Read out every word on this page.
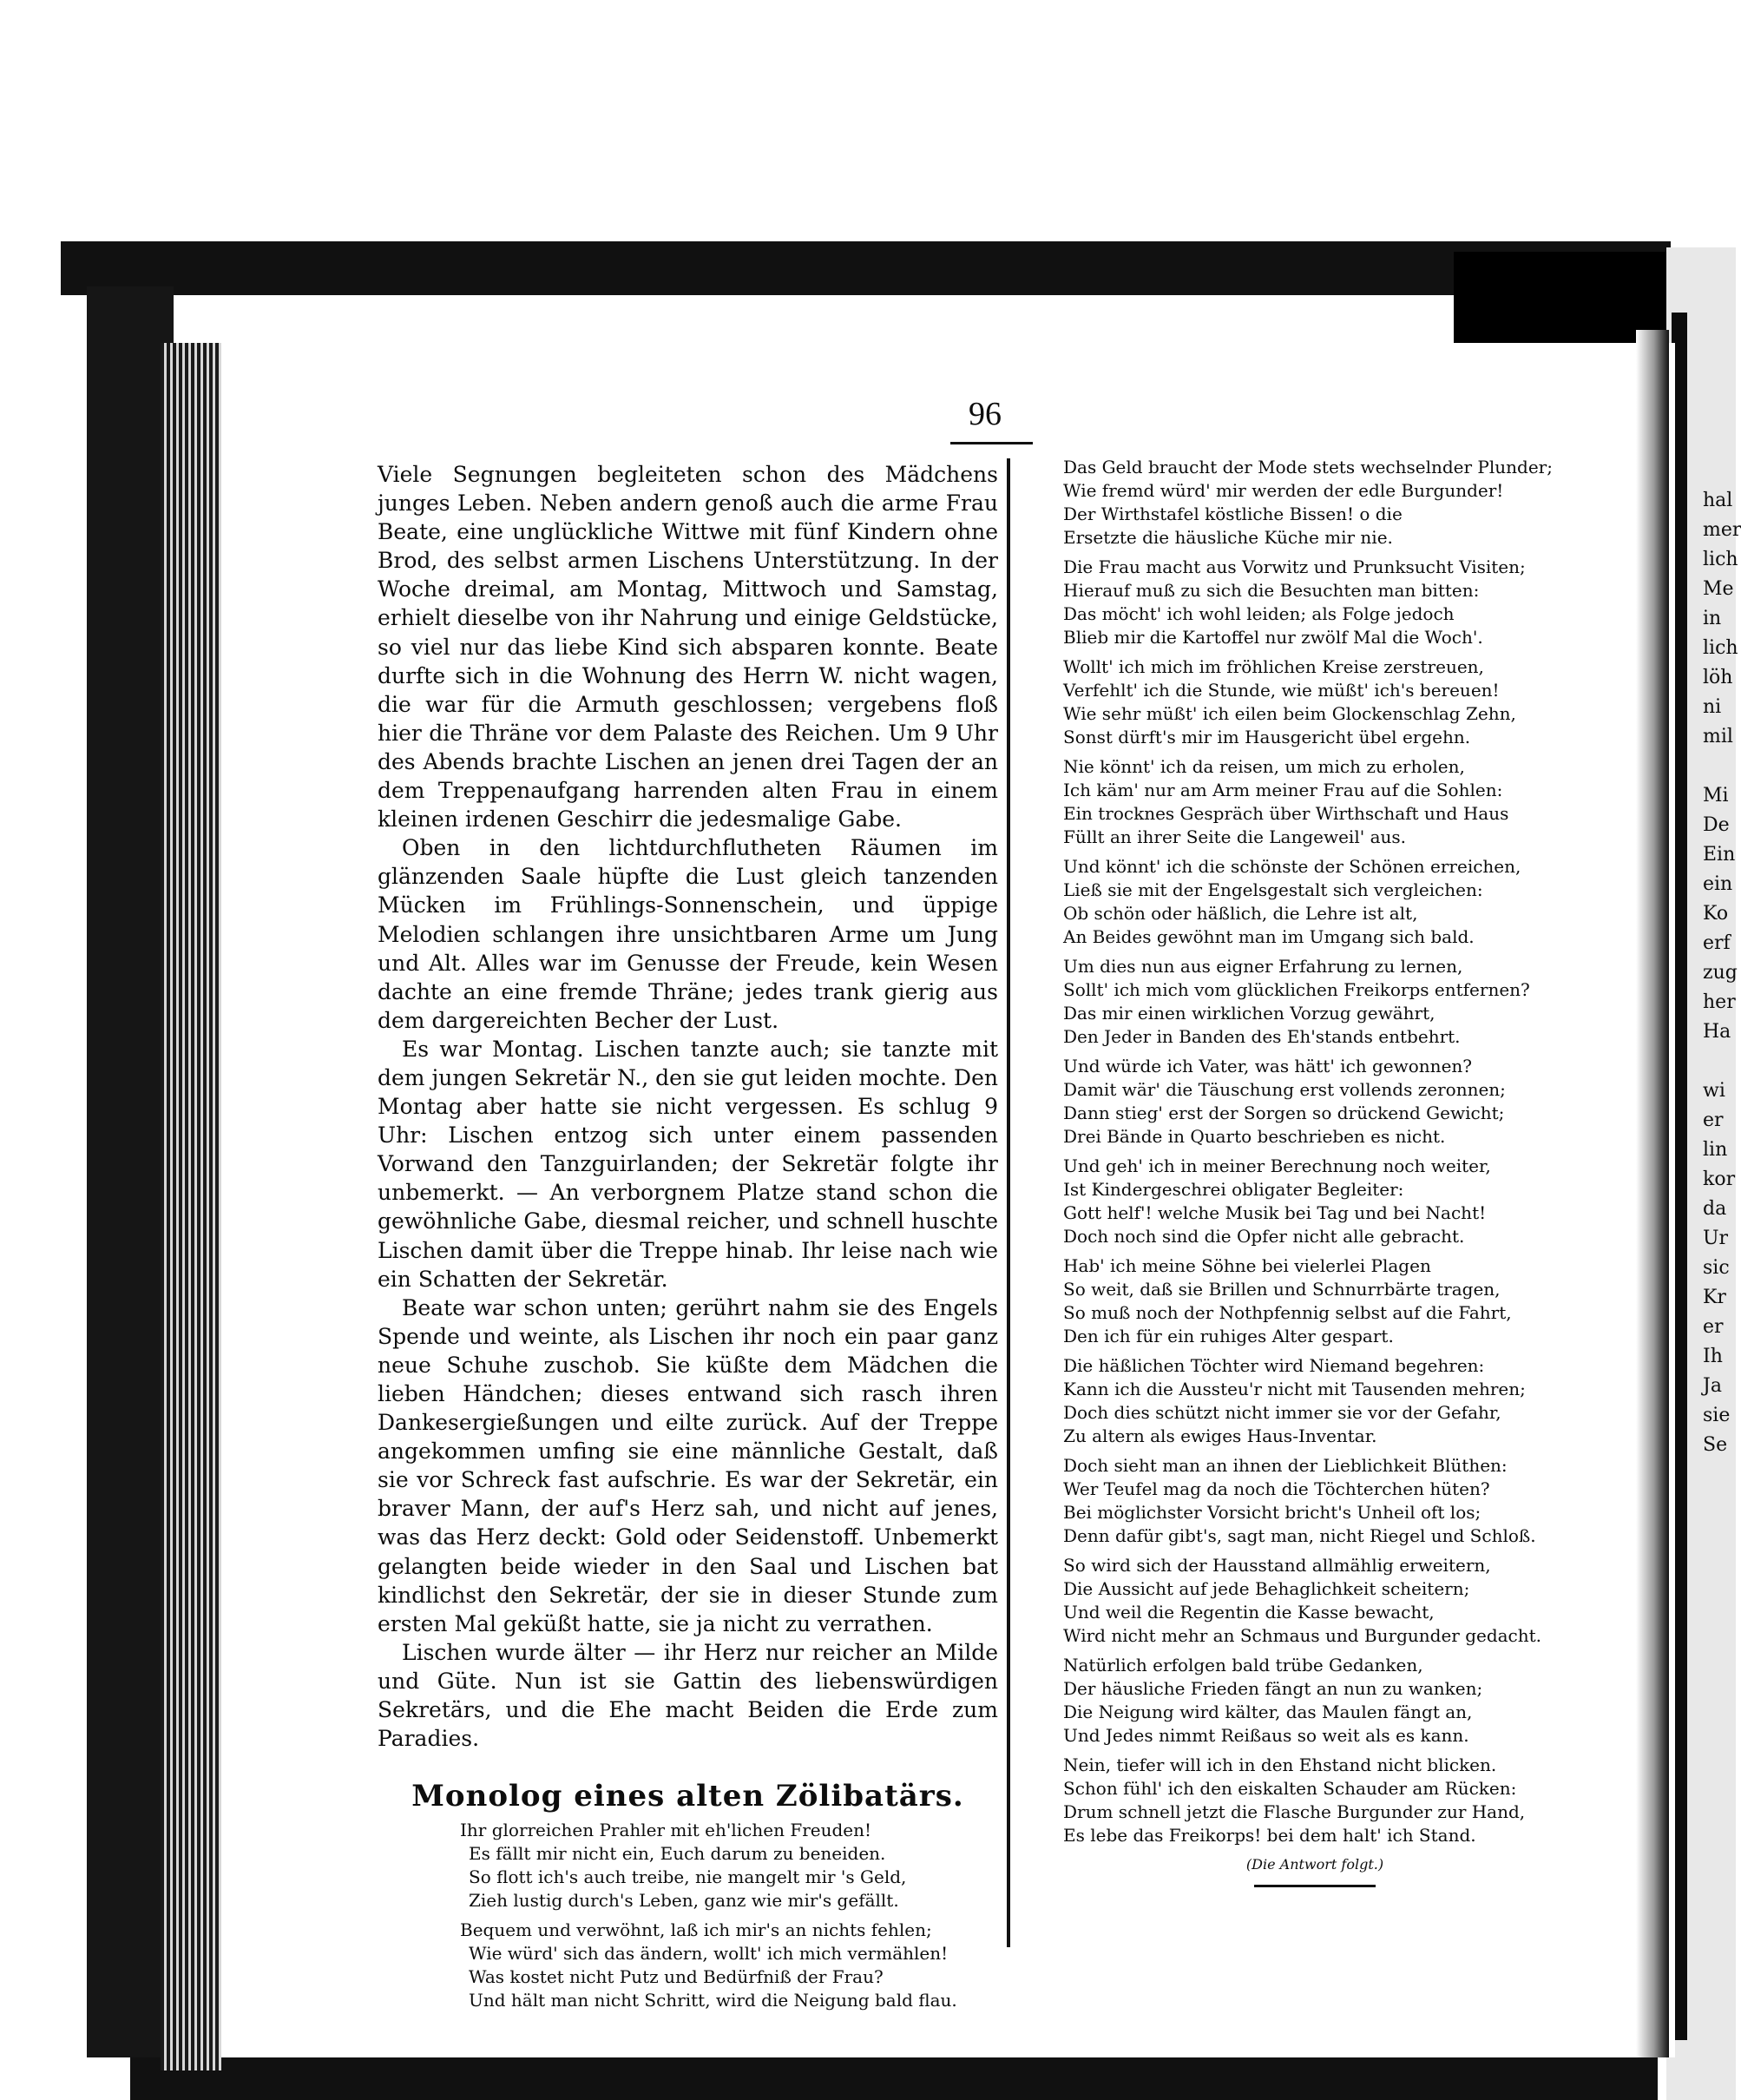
96

Viele Segnungen begleiteten schon des Mädchens junges Leben. Neben andern genoß auch die arme Frau Beate, eine unglückliche Wittwe mit fünf Kindern ohne Brod, des selbst armen Lischens Unterstützung. In der Woche dreimal, am Montag, Mittwoch und Samstag, erhielt dieselbe von ihr Nahrung und einige Geldstücke, so viel nur das liebe Kind sich absparen konnte. Beate durfte sich in die Wohnung des Herrn W. nicht wagen, die war für die Armuth geschlossen; vergebens floß hier die Thräne vor dem Palaste des Reichen. Um 9 Uhr des Abends brachte Lischen an jenen drei Tagen der an dem Treppenaufgang harrenden alten Frau in einem kleinen irdenen Geschirr die jedesmalige Gabe.

Oben in den lichtdurchflutheten Räumen im glänzenden Saale hüpfte die Lust gleich tanzenden Mücken im Frühlings-Sonnenschein, und üppige Melodien schlangen ihre unsichtbaren Arme um Jung und Alt. Alles war im Genusse der Freude, kein Wesen dachte an eine fremde Thräne; jedes trank gierig aus dem dargereichten Becher der Lust.

Es war Montag. Lischen tanzte auch; sie tanzte mit dem jungen Sekretär N., den sie gut leiden mochte. Den Montag aber hatte sie nicht vergessen. Es schlug 9 Uhr: Lischen entzog sich unter einem passenden Vorwand den Tanzguirlanden; der Sekretär folgte ihr unbemerkt. — An verborgnem Platze stand schon die gewöhnliche Gabe, diesmal reicher, und schnell huschte Lischen damit über die Treppe hinab. Ihr leise nach wie ein Schatten der Sekretär.

Beate war schon unten; gerührt nahm sie des Engels Spende und weinte, als Lischen ihr noch ein paar ganz neue Schuhe zuschob. Sie küßte dem Mädchen die lieben Händchen; dieses entwand sich rasch ihren Dankesergießungen und eilte zurück. Auf der Treppe angekommen umfing sie eine männliche Gestalt, daß sie vor Schreck fast aufschrie. Es war der Sekretär, ein braver Mann, der auf's Herz sah, und nicht auf jenes, was das Herz deckt: Gold oder Seidenstoff. Unbemerkt gelangten beide wieder in den Saal und Lischen bat kindlichst den Sekretär, der sie in dieser Stunde zum ersten Mal geküßt hatte, sie ja nicht zu verrathen.

Lischen wurde älter — ihr Herz nur reicher an Milde und Güte. Nun ist sie Gattin des liebenswürdigen Sekretärs, und die Ehe macht Beiden die Erde zum Paradies.

Monolog eines alten Zölibatärs.
Ihr glorreichen Prahler mit eh'lichen Freuden!
Es fällt mir nicht ein, Euch darum zu beneiden.
So flott ich's auch treibe, nie mangelt mir 's Geld,
Zieh lustig durch's Leben, ganz wie mir's gefällt.
Bequem und verwöhnt, laß ich mir's an nichts fehlen;
Wie würd' sich das ändern, wollt' ich mich vermählen!
Was kostet nicht Putz und Bedürfniß der Frau?
Und hält man nicht Schritt, wird die Neigung bald flau.
Das Geld braucht der Mode stets wechselnder Plunder;
Wie fremd würd' mir werden der edle Burgunder!
Der Wirthstafel köstliche Bissen! o die
Ersetzte die häusliche Küche mir nie.
Die Frau macht aus Vorwitz und Prunksucht Visiten;
Hierauf muß zu sich die Besuchten man bitten:
Das möcht' ich wohl leiden; als Folge jedoch
Blieb mir die Kartoffel nur zwölf Mal die Woch'.
Wollt' ich mich im fröhlichen Kreise zerstreuen,
Verfehlt' ich die Stunde, wie müßt' ich's bereuen!
Wie sehr müßt' ich eilen beim Glockenschlag Zehn,
Sonst dürft's mir im Hausgericht übel ergehn.
Nie könnt' ich da reisen, um mich zu erholen,
Ich käm' nur am Arm meiner Frau auf die Sohlen:
Ein trocknes Gespräch über Wirthschaft und Haus
Füllt an ihrer Seite die Langeweil' aus.
Und könnt' ich die schönste der Schönen erreichen,
Ließ sie mit der Engelsgestalt sich vergleichen:
Ob schön oder häßlich, die Lehre ist alt,
An Beides gewöhnt man im Umgang sich bald.
Um dies nun aus eigner Erfahrung zu lernen,
Sollt' ich mich vom glücklichen Freikorps entfernen?
Das mir einen wirklichen Vorzug gewährt,
Den Jeder in Banden des Eh'stands entbehrt.
Und würde ich Vater, was hätt' ich gewonnen?
Damit wär' die Täuschung erst vollends zeronnen;
Dann stieg' erst der Sorgen so drückend Gewicht;
Drei Bände in Quarto beschrieben es nicht.
Und geh' ich in meiner Berechnung noch weiter,
Ist Kindergeschrei obligater Begleiter:
Gott helf'! welche Musik bei Tag und bei Nacht!
Doch noch sind die Opfer nicht alle gebracht.
Hab' ich meine Söhne bei vielerlei Plagen
So weit, daß sie Brillen und Schnurrbärte tragen,
So muß noch der Nothpfennig selbst auf die Fahrt,
Den ich für ein ruhiges Alter gespart.
Die häßlichen Töchter wird Niemand begehren:
Kann ich die Aussteu'r nicht mit Tausenden mehren;
Doch dies schützt nicht immer sie vor der Gefahr,
Zu altern als ewiges Haus-Inventar.
Doch sieht man an ihnen der Lieblichkeit Blüthen:
Wer Teufel mag da noch die Töchterchen hüten?
Bei möglichster Vorsicht bricht's Unheil oft los;
Denn dafür gibt's, sagt man, nicht Riegel und Schloß.
So wird sich der Hausstand allmählig erweitern,
Die Aussicht auf jede Behaglichkeit scheitern;
Und weil die Regentin die Kasse bewacht,
Wird nicht mehr an Schmaus und Burgunder gedacht.
Natürlich erfolgen bald trübe Gedanken,
Der häusliche Frieden fängt an nun zu wanken;
Die Neigung wird kälter, das Maulen fängt an,
Und Jedes nimmt Reißaus so weit als es kann.
Nein, tiefer will ich in den Ehstand nicht blicken.
Schon fühl' ich den eiskalten Schauder am Rücken:
Drum schnell jetzt die Flasche Burgunder zur Hand,
Es lebe das Freikorps! bei dem halt' ich Stand.
(Die Antwort folgt.)
hal
mer
lich
Me
in
lich
löh
ni
mil
Mi
De
Ein
ein
Ko
erf
zug
her
Ha
wi
er
lin
kor
da
Ur
sic
Kr
er
Ih
Ja
sie
Se
